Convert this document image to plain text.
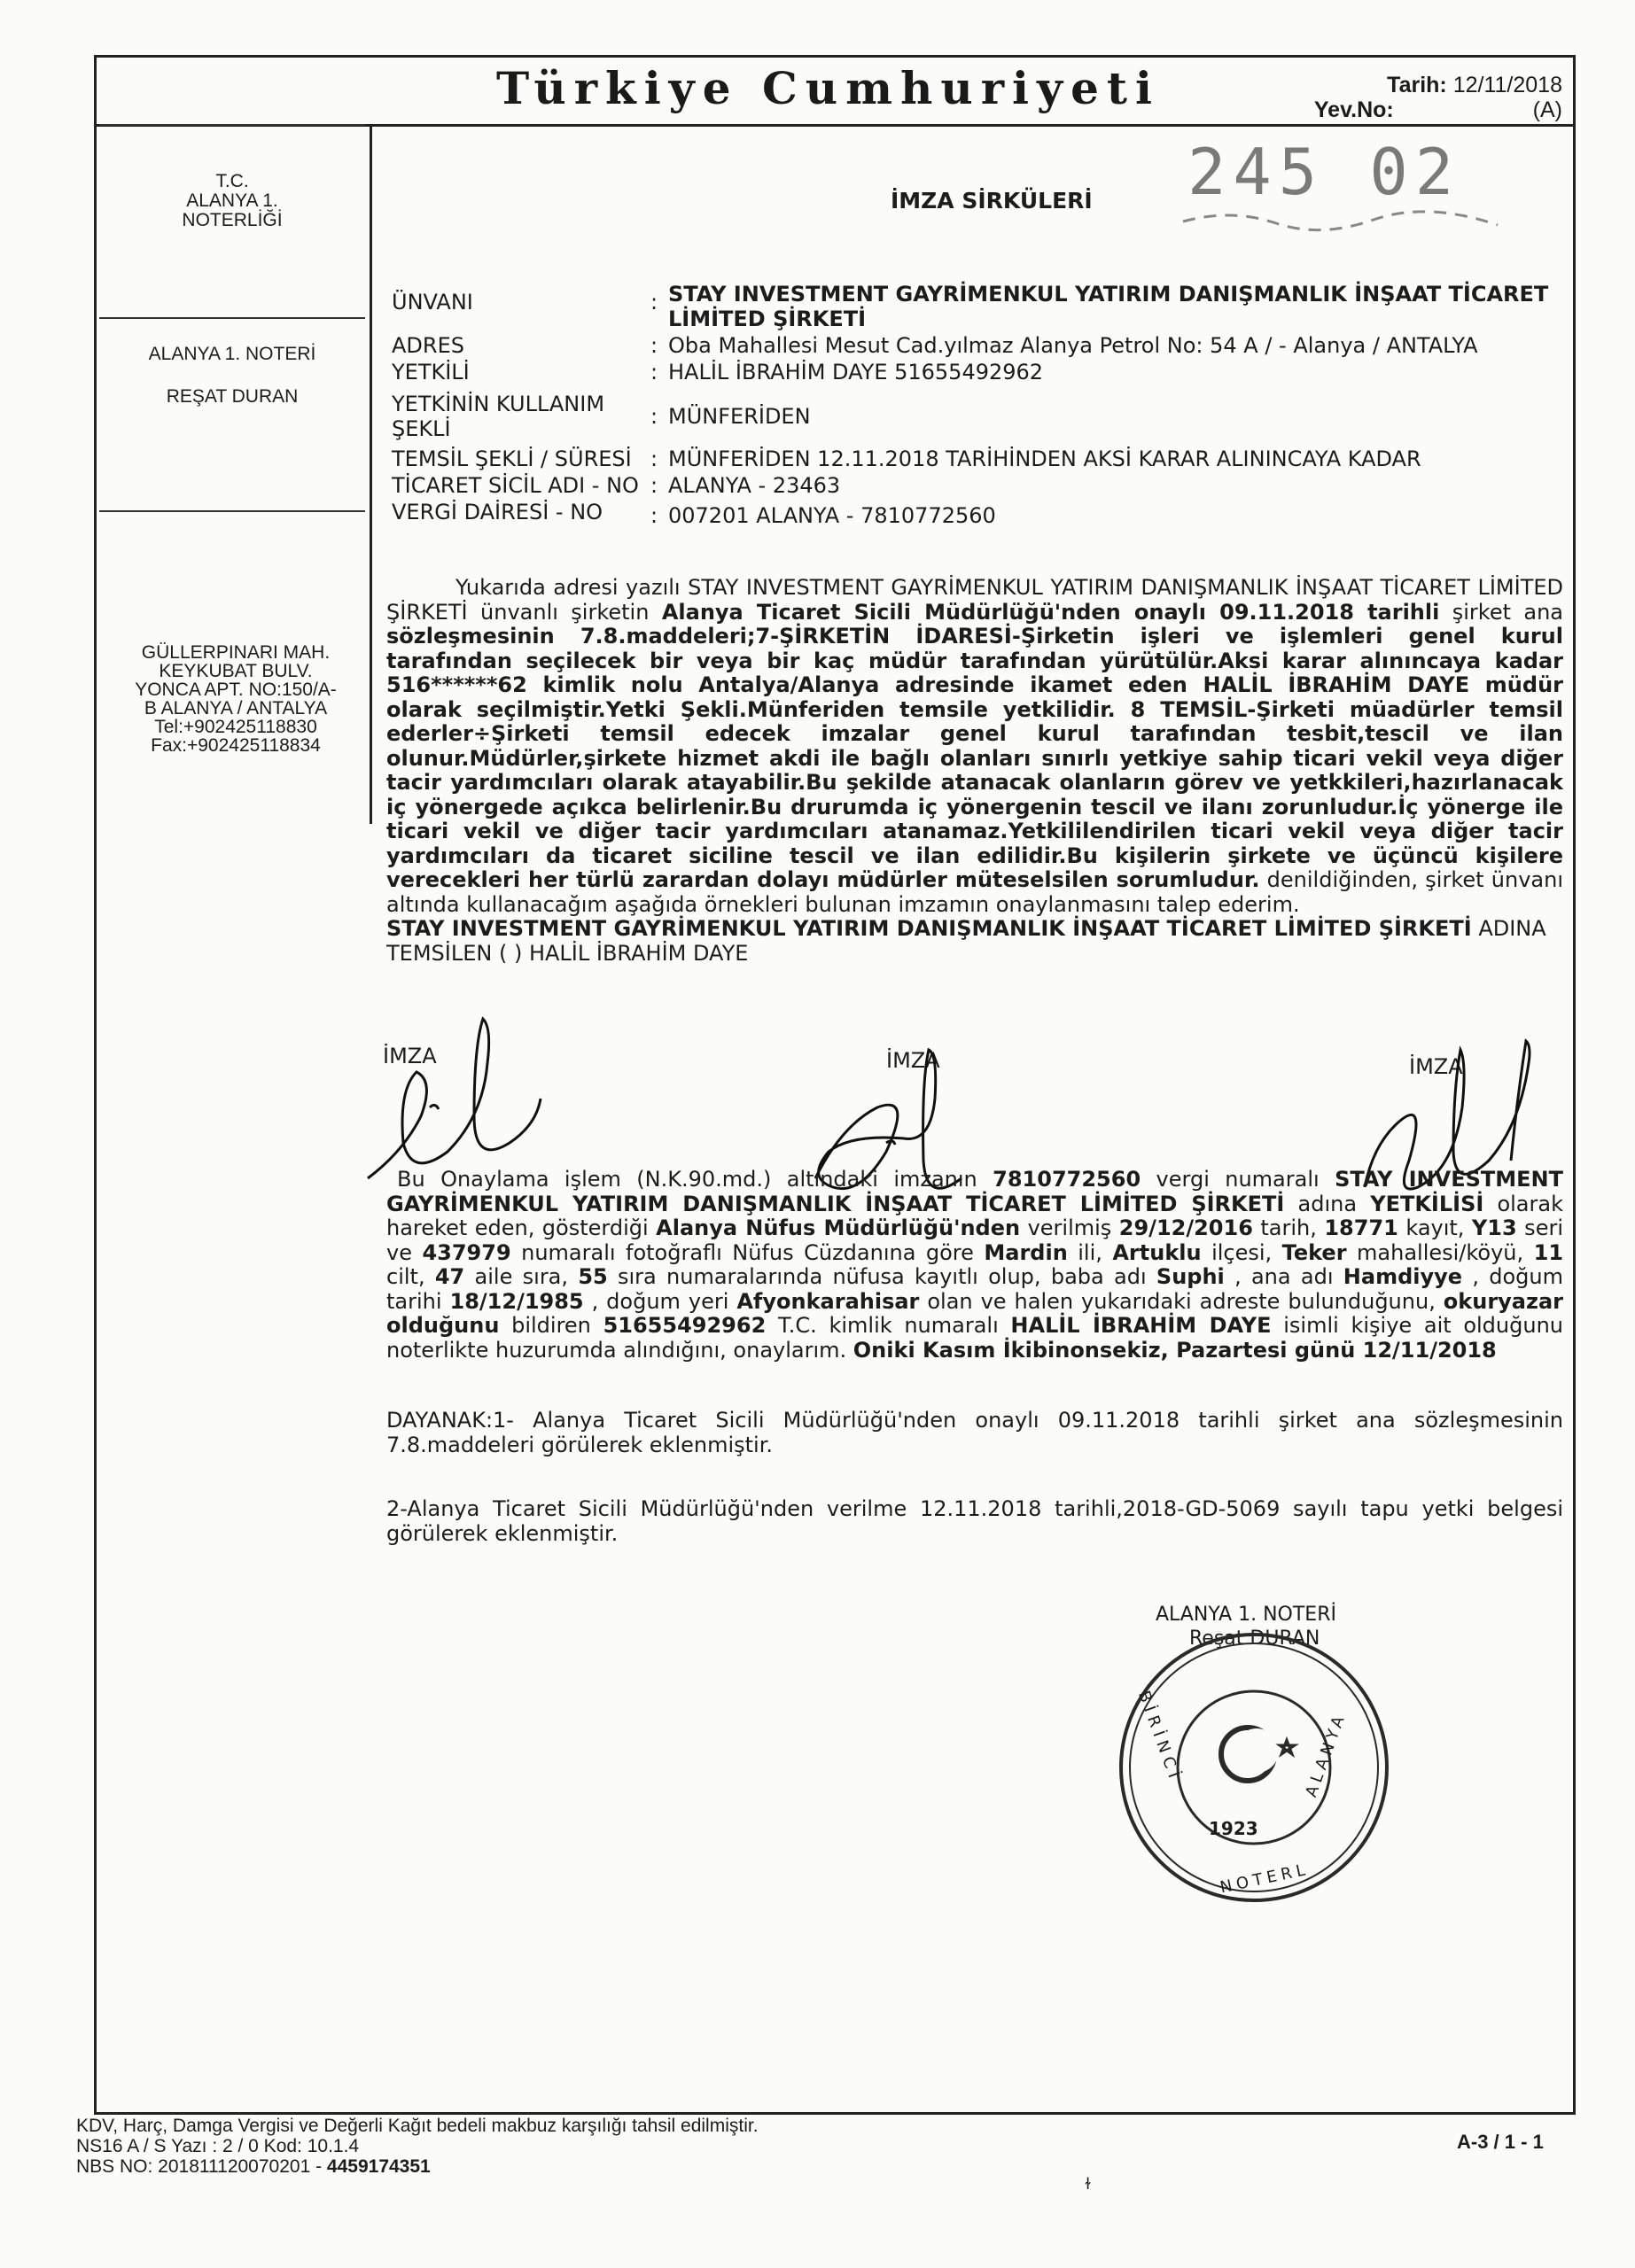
Türkiye Cumhuriyeti	Tarih: 12/11/2018
Yev.No:	(A)
T.C.
ALANYA 1.
NOTERLİĞİ
ALANYA 1. NOTERİ
REŞAT DURAN
GÜLLERPINARI MAH.
KEYKUBAT BULV.
YONCA APT. NO:150/A-
B ALANYA / ANTALYA
Tel:+902425118830
Fax:+902425118834
245 02
İMZA SİRKÜLERİ
ÜNVANI	: STAY INVESTMENT GAYRİMENKUL YATIRIM DANIŞMANLIK İNŞAAT TİCARET
LİMİTED ŞİRKETİ
ADRES	: Oba Mahallesi Mesut Cad.yılmaz Alanya Petrol No: 54 A / - Alanya / ANTALYA
YETKİLİ	: HALİL İBRAHİM DAYE 51655492962
YETKİNİN KULLANIM
ŞEKLİ	: MÜNFERİDEN
TEMSİL ŞEKLİ / SÜRESİ : MÜNFERİDEN 12.11.2018 TARİHİNDEN AKSİ KARAR ALININCAYA KADAR
TİCARET SİCİL ADI - NO : ALANYA - 23463
VERGİ DAİRESİ - NO	: 007201 ALANYA - 7810772560
Yukarıda adresi yazılı STAY INVESTMENT GAYRİMENKUL YATIRIM DANIŞMANLIK İNŞAAT TİCARET LİMİTED ŞİRKETİ ünvanlı şirketin Alanya Ticaret Sicili Müdürlüğü'nden onaylı 09.11.2018 tarihli şirket ana sözleşmesinin 7.8.maddeleri;7-ŞİRKETİN İDARESİ-Şirketin işleri ve işlemleri genel kurul tarafından seçilecek bir veya bir kaç müdür tarafından yürütülür.Aksi karar alınıncaya kadar 516******62 kimlik nolu Antalya/Alanya adresinde ikamet eden HALİL İBRAHİM DAYE müdür olarak seçilmiştir.Yetki Şekli.Münferiden temsile yetkilidir. 8 TEMSİL-Şirketi müadürler temsil ederler÷Şirketi temsil edecek imzalar genel kurul tarafından tesbit,tescil ve ilan olunur.Müdürler,şirkete hizmet akdi ile bağlı olanları sınırlı yetkiye sahip ticari vekil veya diğer tacir yardımcıları olarak atayabilir.Bu şekilde atanacak olanların görev ve yetkkileri,hazırlanacak iç yönergede açıkca belirlenir.Bu drurumda iç yönergenin tescil ve ilanı zorunludur.İç yönerge ile ticari vekil ve diğer tacir yardımcıları atanamaz.Yetkililendirilen ticari vekil veya diğer tacir yardımcıları da ticaret siciline tescil ve ilan edilidir.Bu kişilerin şirkete ve üçüncü kişilere verecekleri her türlü zarardan dolayı müdürler müteselsilen sorumludur. denildiğinden, şirket ünvanı altında kullanacağım aşağıda örnekleri bulunan imzamın onaylanmasını talep ederim.
STAY INVESTMENT GAYRİMENKUL YATIRIM DANIŞMANLIK İNŞAAT TİCARET LİMİTED ŞİRKETİ ADINA
TEMSİLEN ( ) HALİL İBRAHİM DAYE
İMZA	İMZA	İMZA
Bu Onaylama işlem (N.K.90.md.) altındaki imzanın 7810772560 vergi numaralı STAY INVESTMENT GAYRİMENKUL YATIRIM DANIŞMANLIK İNŞAAT TİCARET LİMİTED ŞİRKETİ adına YETKİLİSİ olarak hareket eden, gösterdiği Alanya Nüfus Müdürlüğü'nden verilmiş 29/12/2016 tarih, 18771 kayıt, Y13 seri ve 437979 numaralı fotoğraflı Nüfus Cüzdanına göre Mardin ili, Artuklu ilçesi, Teker mahallesi/köyü, 11 cilt, 47 aile sıra, 55 sıra numaralarında nüfusa kayıtlı olup, baba adı Suphi , ana adı Hamdiyye , doğum tarihi 18/12/1985 , doğum yeri Afyonkarahisar olan ve halen yukarıdaki adreste bulunduğunu, okuryazar olduğunu bildiren 51655492962 T.C. kimlik numaralı HALİL İBRAHİM DAYE isimli kişiye ait olduğunu noterlikte huzurumda alındığını, onaylarım. Oniki Kasım İkibinonsekiz, Pazartesi günü 12/11/2018
DAYANAK:1- Alanya Ticaret Sicili Müdürlüğü'nden onaylı 09.11.2018 tarihli şirket ana sözleşmesinin 7.8.maddeleri görülerek eklenmiştir.
2-Alanya Ticaret Sicili Müdürlüğü'nden verilme 12.11.2018 tarihli,2018-GD-5069 sayılı tapu yetki belgesi görülerek eklenmiştir.
ALANYA 1. NOTERİ
Reşat DURAN
1923
BİRİNCİ
NOTERL
ALANYA
KDV, Harç, Damga Vergisi ve Değerli Kağıt bedeli makbuz karşılığı tahsil edilmiştir.
NS16 A / S Yazı : 2 / 0 Kod: 10.1.4
NBS NO: 201811120070201 - 4459174351
A-3 / 1 - 1
ɫ
